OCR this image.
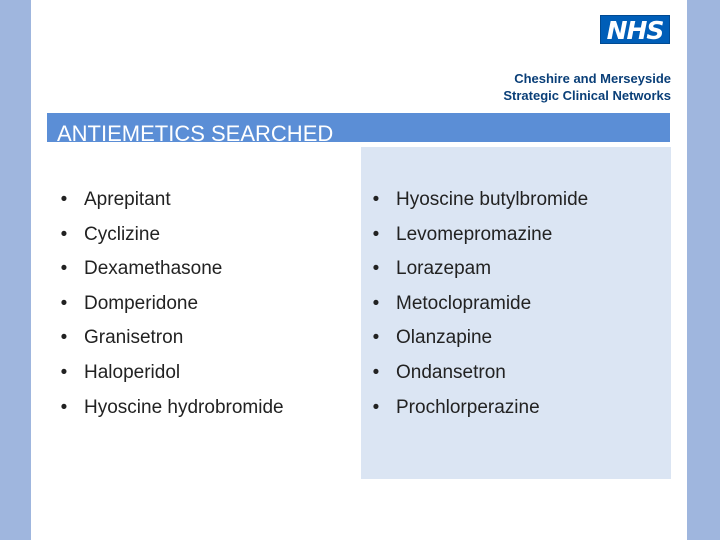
NHS
Cheshire and Merseyside
Strategic Clinical Networks
ANTIEMETICS SEARCHED
• Aprepitant
• Cyclizine
• Dexamethasone
• Domperidone
• Granisetron
• Haloperidol
• Hyoscine hydrobromide
• Hyoscine butylbromide
• Levomepromazine
• Lorazepam
• Metoclopramide
• Olanzapine
• Ondansetron
• Prochlorperazine
